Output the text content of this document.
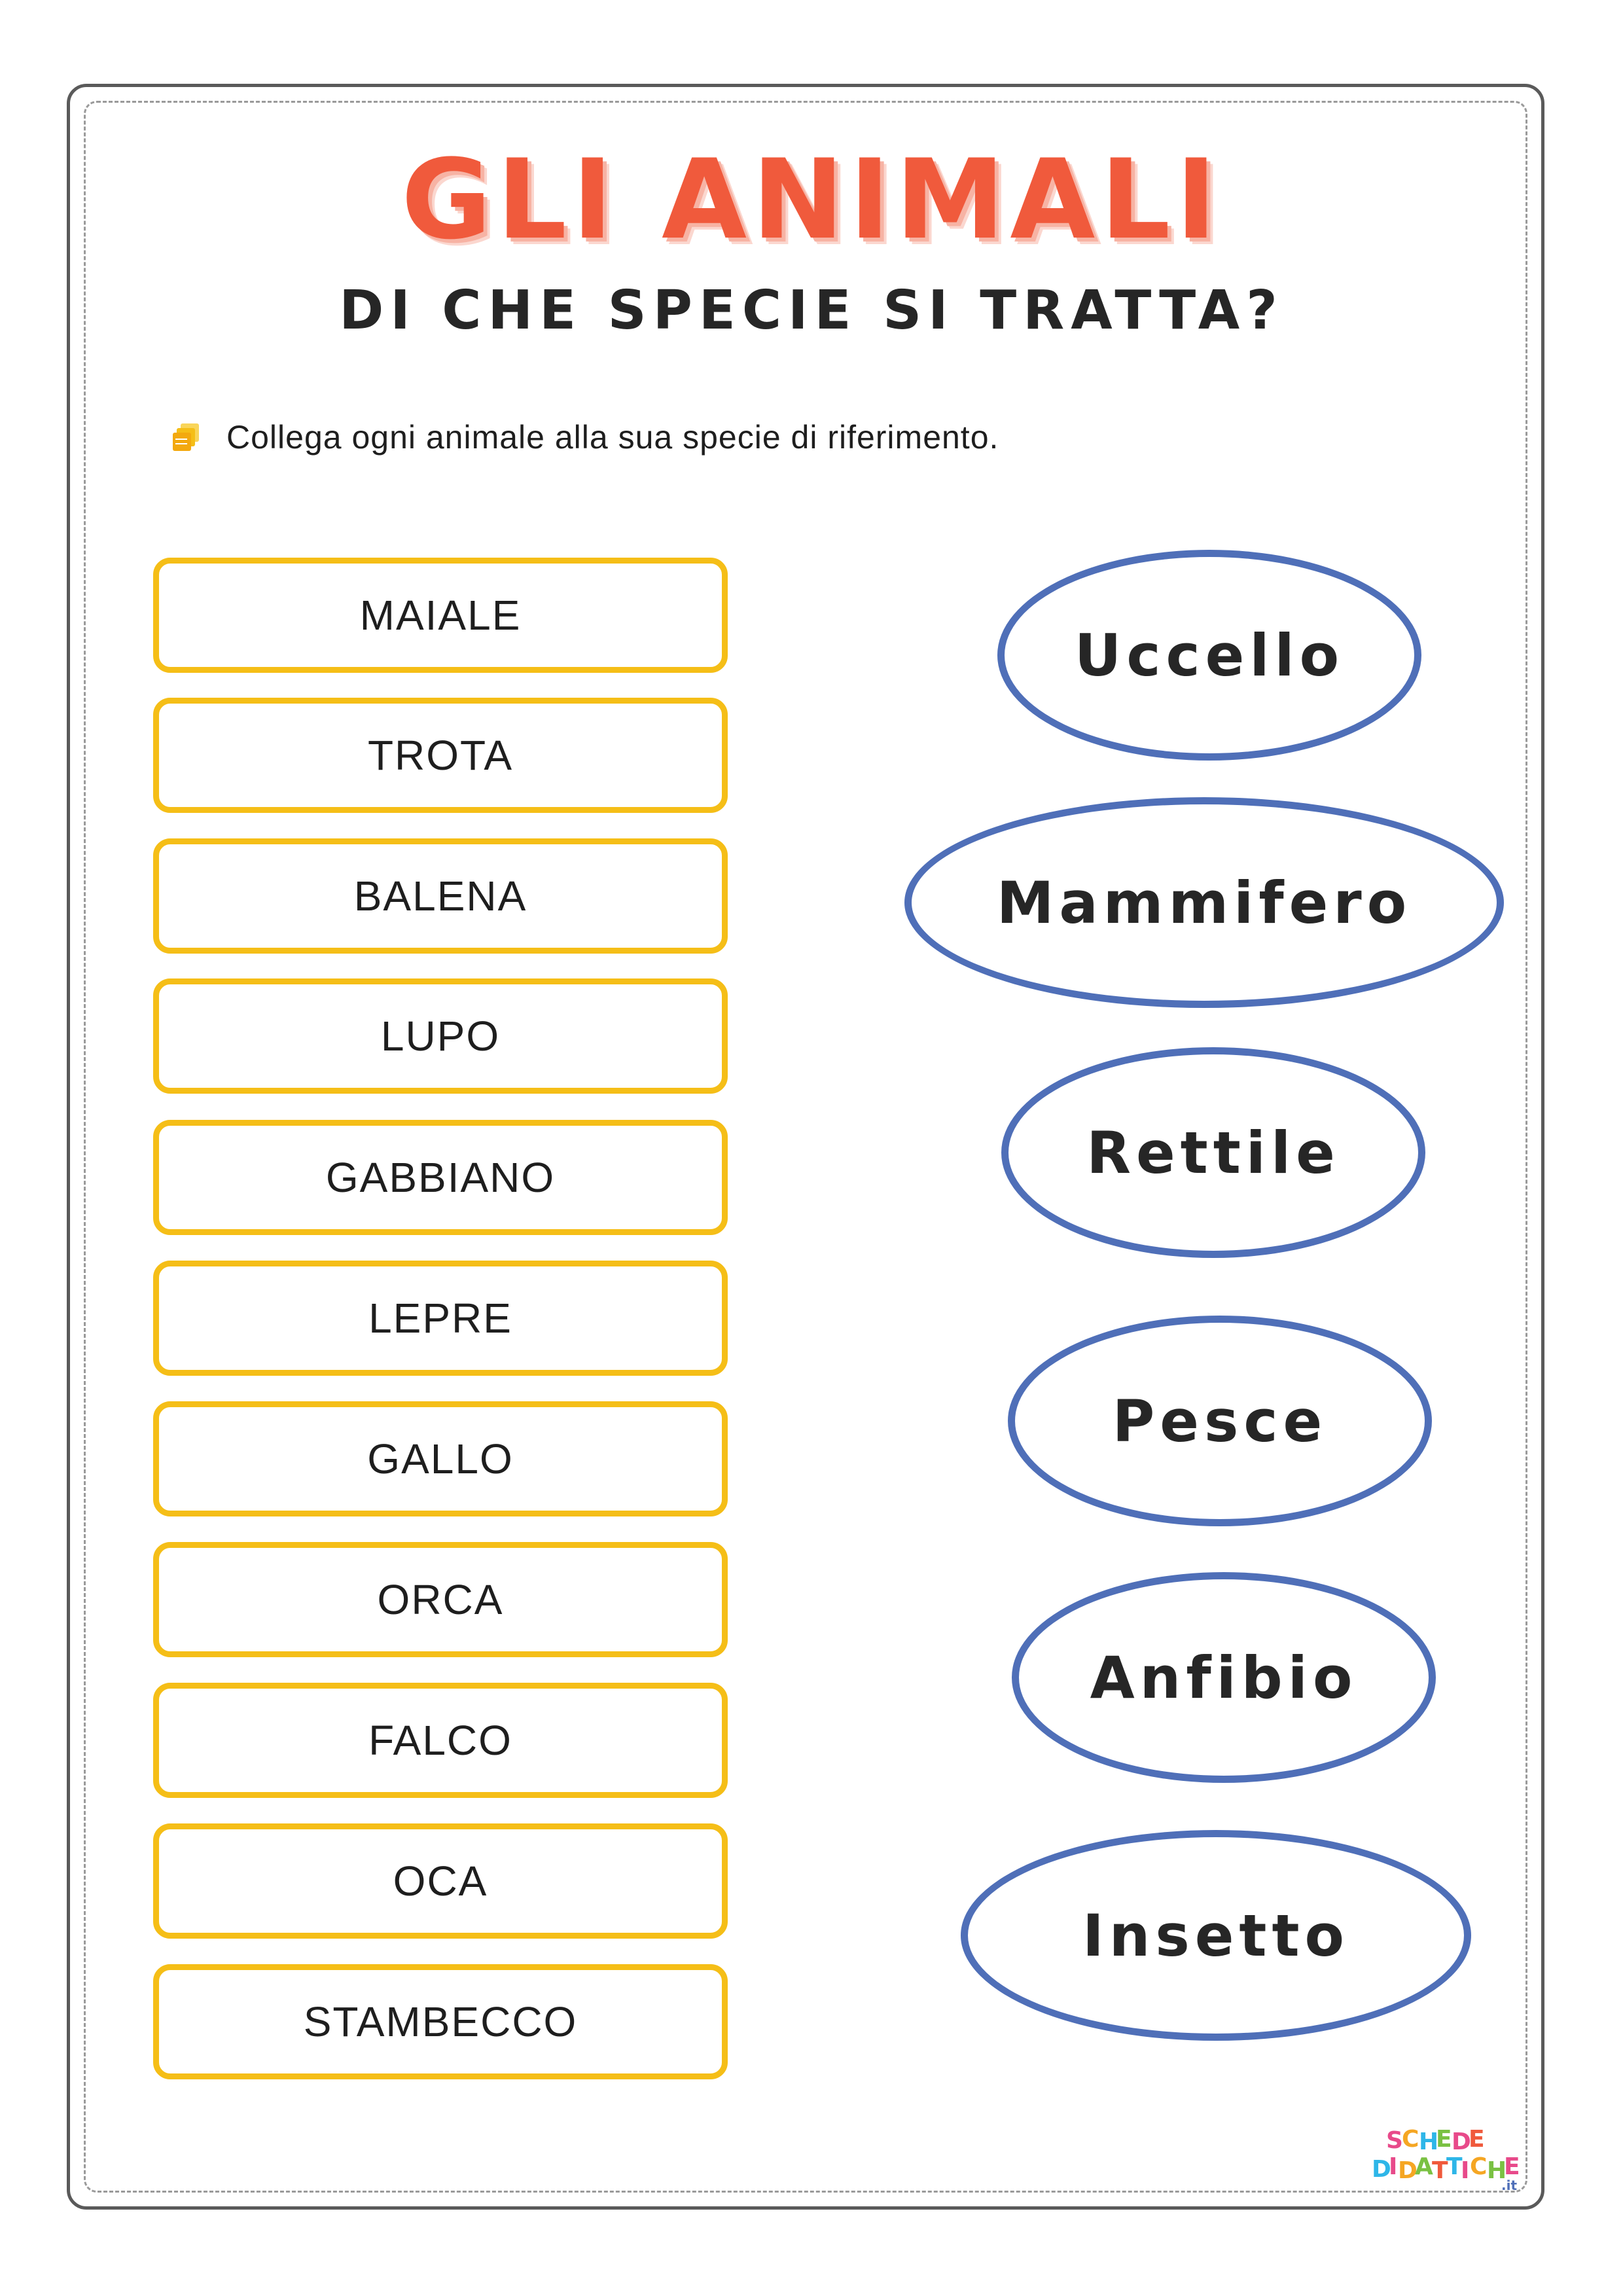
GLI ANIMALI
DI CHE SPECIE SI TRATTA?
Collega ogni animale alla sua specie di riferimento.
MAIALE
TROTA
BALENA
LUPO
GABBIANO
LEPRE
GALLO
ORCA
FALCO
OCA
STAMBECCO
Uccello
Mammifero
Rettile
Pesce
Anfibio
Insetto
S
C H
E D
E
D
I D
A
T
T
I C H
E
.it
